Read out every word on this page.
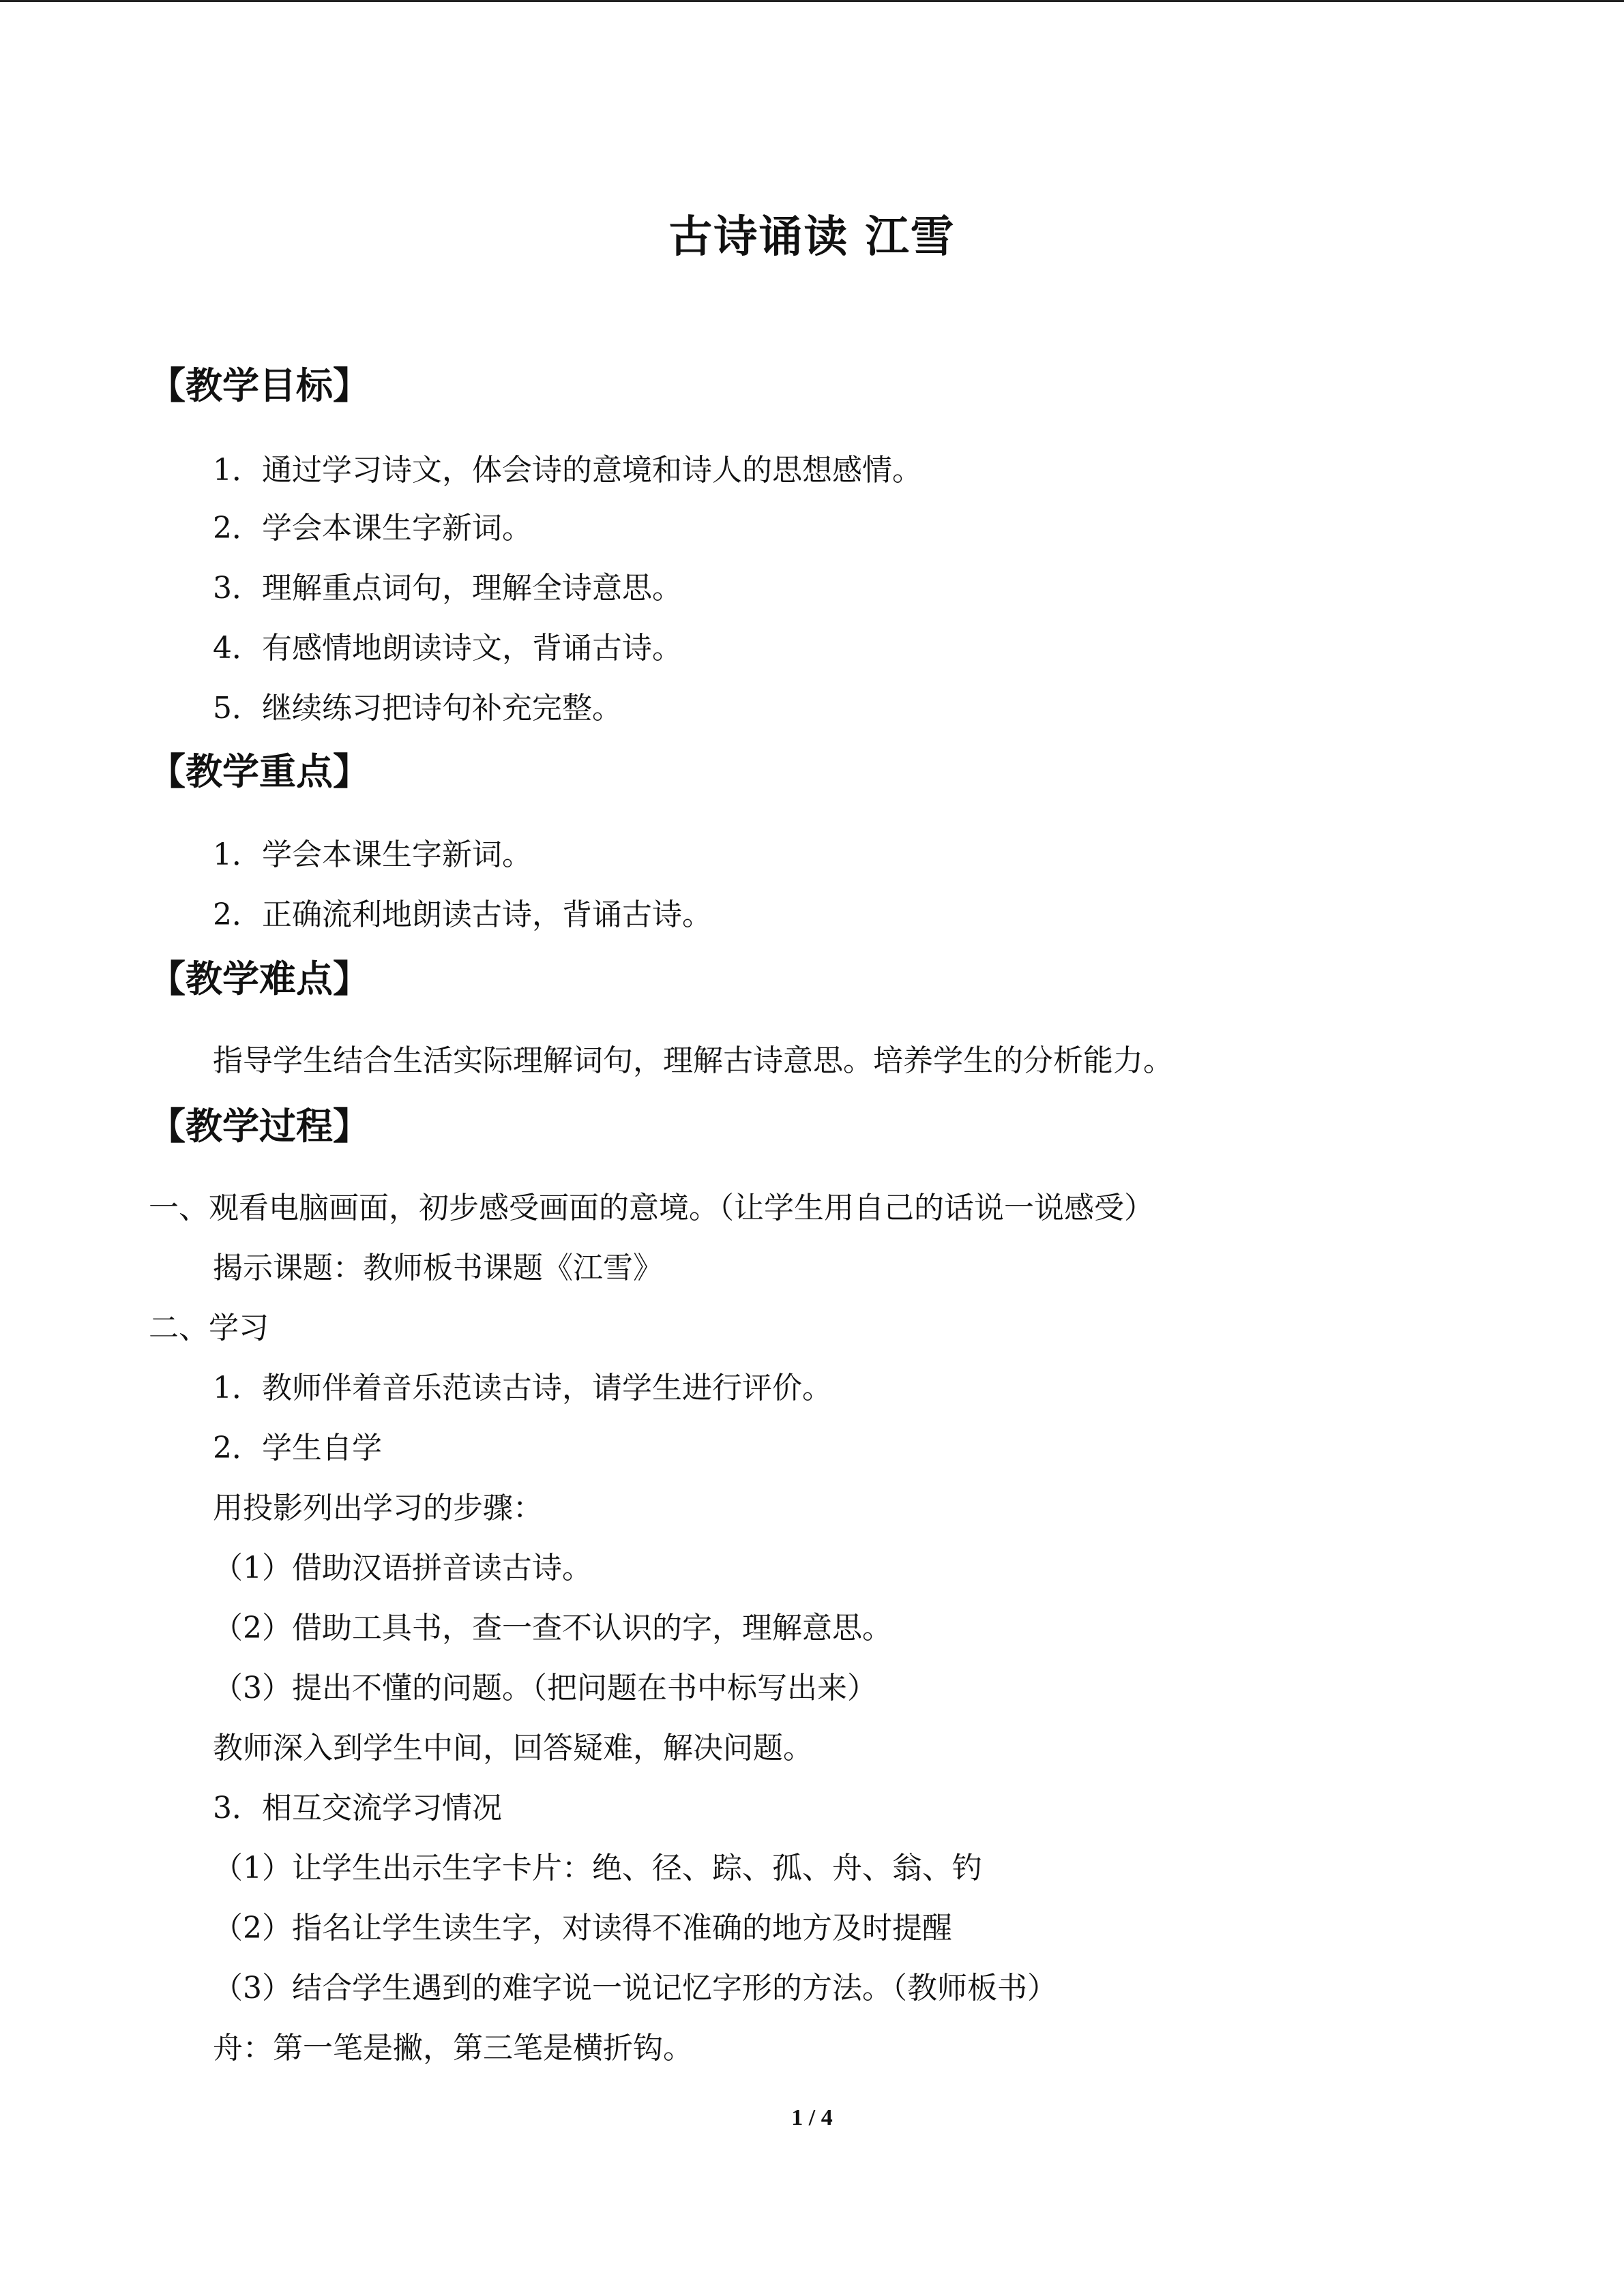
古诗诵读 江雪
【教学目标】
1．通过学习诗文，体会诗的意境和诗人的思想感情。
2．学会本课生字新词。
3．理解重点词句，理解全诗意思。
4．有感情地朗读诗文，背诵古诗。
5．继续练习把诗句补充完整。
【教学重点】
1．学会本课生字新词。
2．正确流利地朗读古诗，背诵古诗。
【教学难点】
指导学生结合生活实际理解词句，理解古诗意思。培养学生的分析能力。
【教学过程】
一、观看电脑画面，初步感受画面的意境。（让学生用自己的话说一说感受）
揭示课题：教师板书课题《江雪》
二、学习
1．教师伴着音乐范读古诗，请学生进行评价。
2．学生自学
用投影列出学习的步骤：
（1）借助汉语拼音读古诗。
（2）借助工具书，查一查不认识的字，理解意思。
（3）提出不懂的问题。（把问题在书中标写出来）
教师深入到学生中间，回答疑难，解决问题。
3．相互交流学习情况
（1）让学生出示生字卡片：绝、径、踪、孤、舟、翁、钓
（2）指名让学生读生字，对读得不准确的地方及时提醒
（3）结合学生遇到的难字说一说记忆字形的方法。（教师板书）
舟：第一笔是撇，第三笔是横折钩。
1 / 4
